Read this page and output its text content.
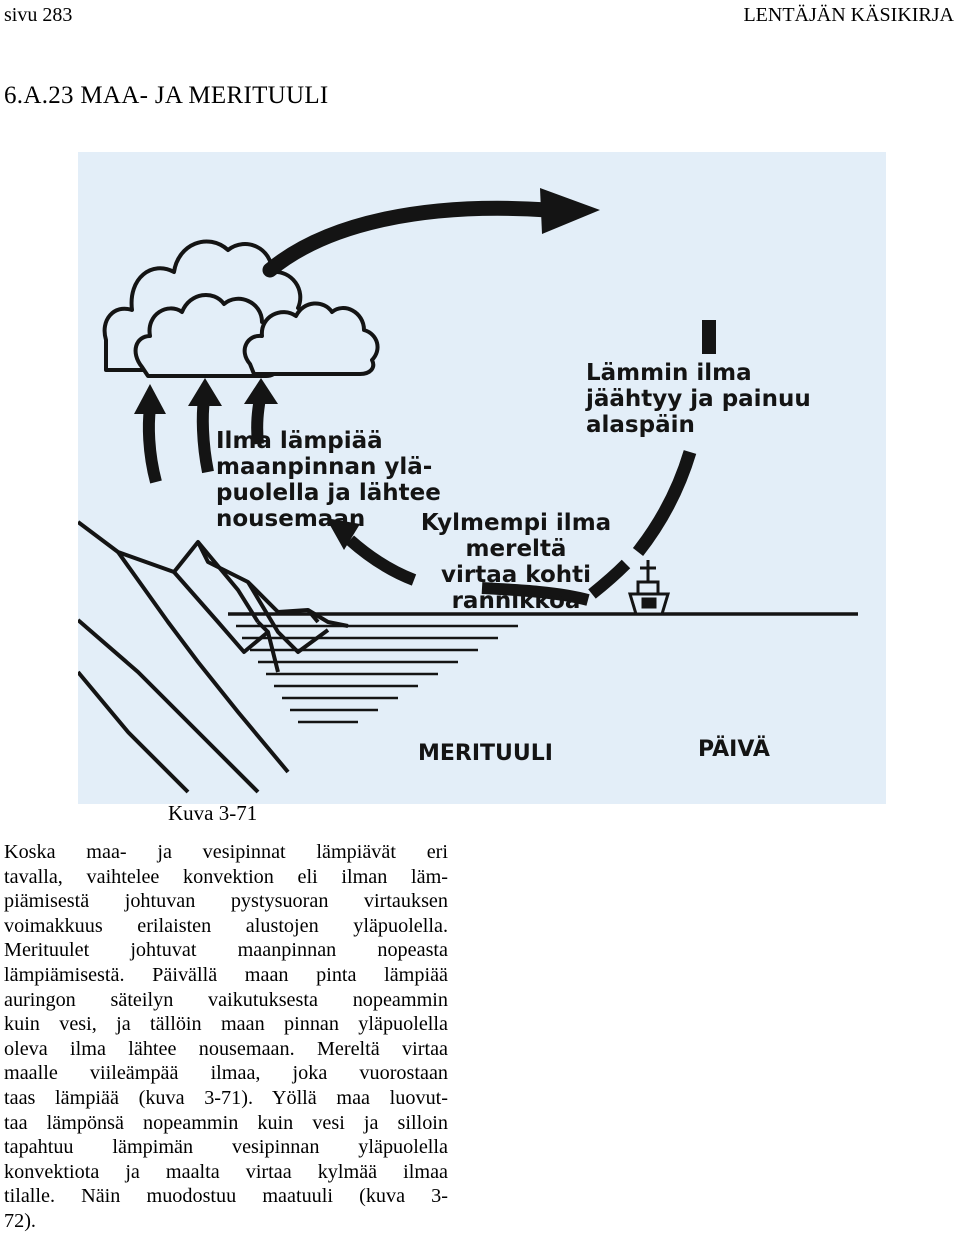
sivu 283	LENTÄJÄN KÄSIKIRJA
6.A.23 MAA- JA MERITUULI
Ilma lämpiää
maanpinnan ylä-
puolella ja lähtee
nousemaan
Lämmin ilma
jäähtyy ja painuu
alaspäin
Kylmempi ilma
mereltä
virtaa kohti
rannikkoa
MERITUULI	PÄIVÄ
Kuva 3-71
Koska maa- ja vesipinnat lämpiävät eri
tavalla, vaihtelee konvektion eli ilman läm-
piämisestä johtuvan pystysuoran virtauksen
voimakkuus erilaisten alustojen yläpuolella.
Merituulet johtuvat maanpinnan nopeasta
lämpiämisestä. Päivällä maan pinta lämpiää
auringon säteilyn vaikutuksesta nopeammin
kuin vesi, ja tällöin maan pinnan yläpuolella
oleva ilma lähtee nousemaan. Mereltä virtaa
maalle viileämpää ilmaa, joka vuorostaan
taas lämpiää (kuva 3-71). Yöllä maa luovut-
taa lämpönsä nopeammin kuin vesi ja silloin
tapahtuu lämpimän vesipinnan yläpuolella
konvektiota ja maalta virtaa kylmää ilmaa
tilalle. Näin muodostuu maatuuli (kuva 3-
72).
